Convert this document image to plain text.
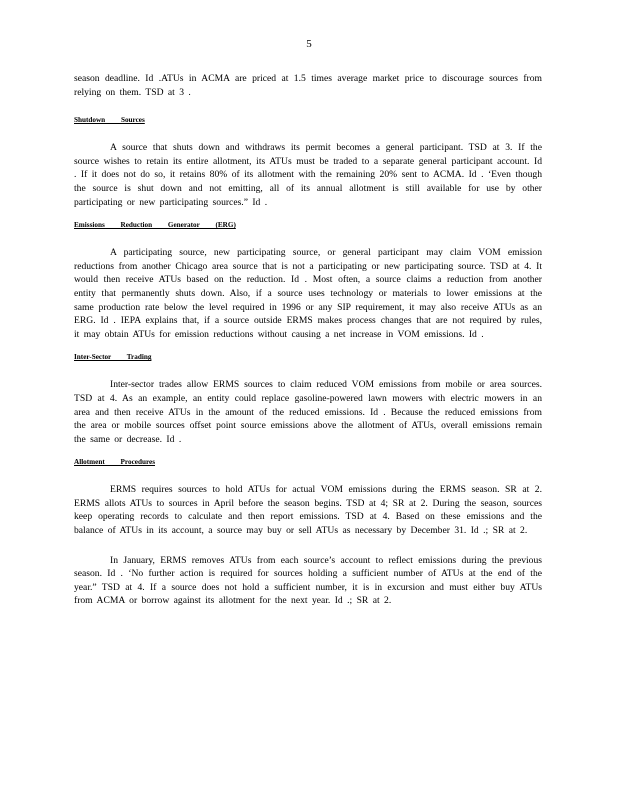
5

season deadline. Id .ATUs in ACMA are priced at 1.5 times average market price to discourage sources from relying on them. TSD at 3 .

Shutdown Sources

A source that shuts down and withdraws its permit becomes a general participant. TSD at 3. If the source wishes to retain its entire allotment, its ATUs must be traded to a separate general participant account. Id . If it does not do so, it retains 80% of its allotment with the remaining 20% sent to ACMA. Id . ‘Even though the source is shut down and not emitting, all of its annual allotment is still available for use by other participating or new participating sources.” Id .

Emissions Reduction Generator (ERG)

A participating source, new participating source, or general participant may claim VOM emission reductions from another Chicago area source that is not a participating or new participating source. TSD at 4. It would then receive ATUs based on the reduction. Id . Most often, a source claims a reduction from another entity that permanently shuts down. Also, if a source uses technology or materials to lower emissions at the same production rate below the level required in 1996 or any SIP requirement, it may also receive ATUs as an ERG. Id . IEPA explains that, if a source outside ERMS makes process changes that are not required by rules, it may obtain ATUs for emission reductions without causing a net increase in VOM emissions. Id .

Inter-Sector Trading

Inter-sector trades allow ERMS sources to claim reduced VOM emissions from mobile or area sources. TSD at 4. As an example, an entity could replace gasoline-powered lawn mowers with electric mowers in an area and then receive ATUs in the amount of the reduced emissions. Id . Because the reduced emissions from the area or mobile sources offset point source emissions above the allotment of ATUs, overall emissions remain the same or decrease. Id .

Allotment Procedures

ERMS requires sources to hold ATUs for actual VOM emissions during the ERMS season. SR at 2. ERMS allots ATUs to sources in April before the season begins. TSD at 4; SR at 2. During the season, sources keep operating records to calculate and then report emissions. TSD at 4. Based on these emissions and the balance of ATUs in its account, a source may buy or sell ATUs as necessary by December 31. Id .; SR at 2.

In January, ERMS removes ATUs from each source’s account to reflect emissions during the previous season. Id . ‘No further action is required for sources holding a sufficient number of ATUs at the end of the year.” TSD at 4. If a source does not hold a sufficient number, it is in excursion and must either buy ATUs from ACMA or borrow against its allotment for the next year. Id .; SR at 2.
